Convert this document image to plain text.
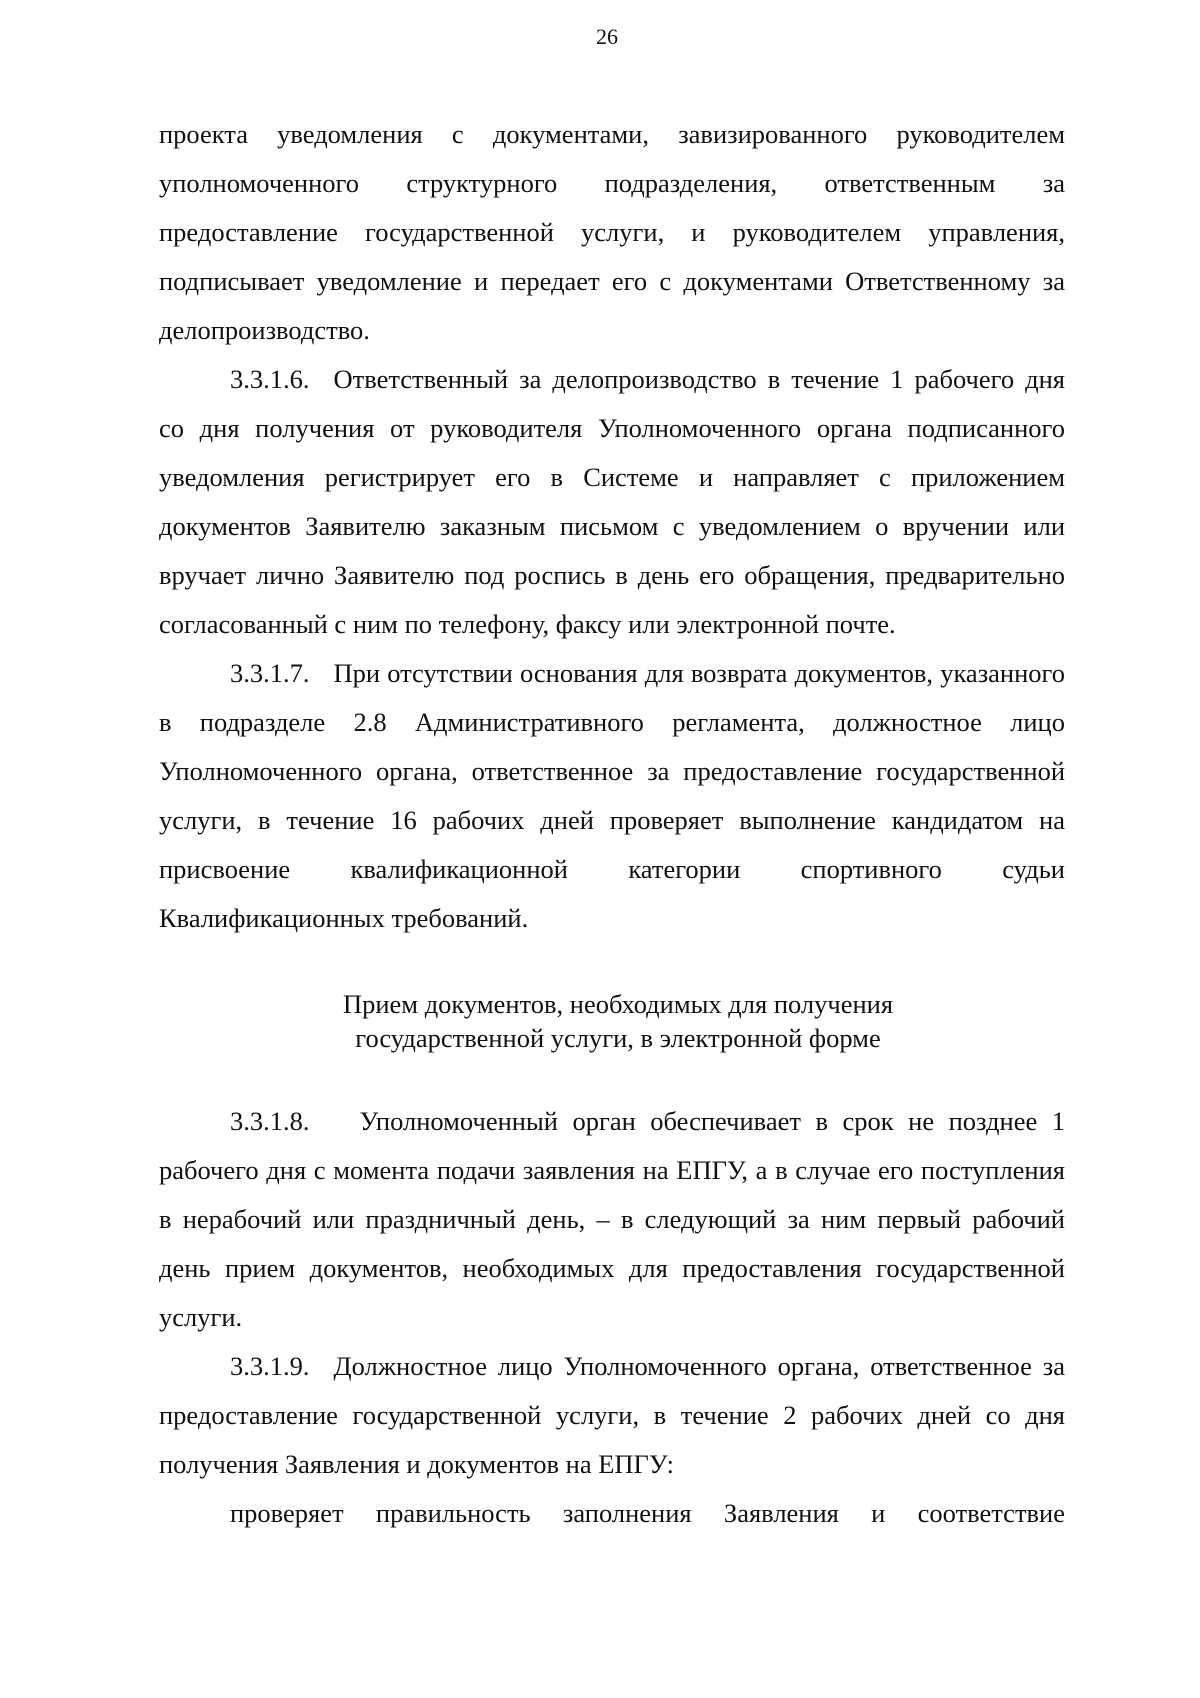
26

проекта уведомления с документами, завизированного руководителем уполномоченного структурного подразделения, ответственным за предоставление государственной услуги, и руководителем управления, подписывает уведомление и передает его с документами Ответственному за делопроизводство.

3.3.1.6. Ответственный за делопроизводство в течение 1 рабочего дня со дня получения от руководителя Уполномоченного органа подписанного уведомления регистрирует его в Системе и направляет с приложением документов Заявителю заказным письмом с уведомлением о вручении или вручает лично Заявителю под роспись в день его обращения, предварительно согласованный с ним по телефону, факсу или электронной почте.

3.3.1.7. При отсутствии основания для возврата документов, указанного в подразделе 2.8 Административного регламента, должностное лицо Уполномоченного органа, ответственное за предоставление государственной услуги, в течение 16 рабочих дней проверяет выполнение кандидатом на присвоение квалификационной категории спортивного судьи Квалификационных требований.

Прием документов, необходимых для получения
государственной услуги, в электронной форме

3.3.1.8. Уполномоченный орган обеспечивает в срок не позднее 1 рабочего дня с момента подачи заявления на ЕПГУ, а в случае его поступления в нерабочий или праздничный день, – в следующий за ним первый рабочий день прием документов, необходимых для предоставления государственной услуги.

3.3.1.9. Должностное лицо Уполномоченного органа, ответственное за предоставление государственной услуги, в течение 2 рабочих дней со дня получения Заявления и документов на ЕПГУ:

проверяет правильность заполнения Заявления и соответствие
